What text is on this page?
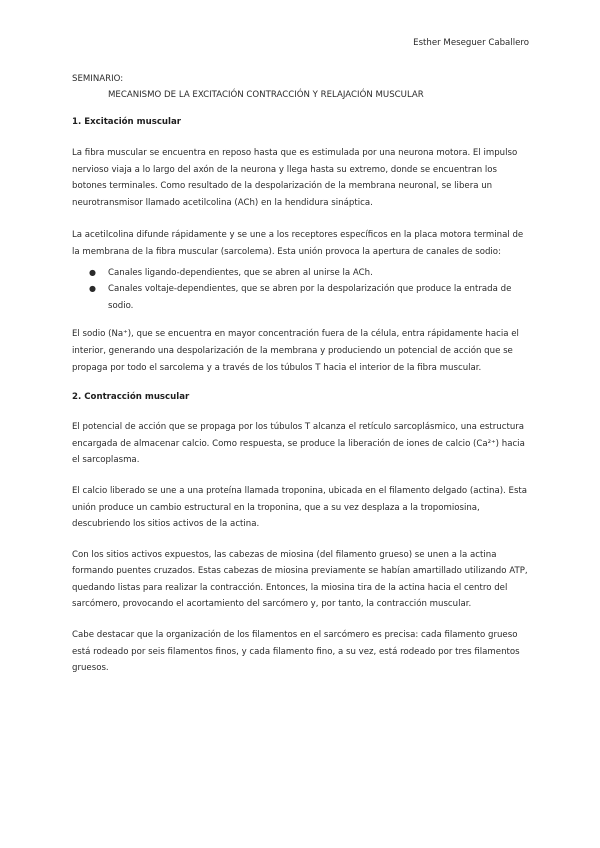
Esther Meseguer Caballero
SEMINARIO:
MECANISMO DE LA EXCITACIÓN CONTRACCIÓN Y RELAJACIÓN MUSCULAR
1. Excitación muscular

La fibra muscular se encuentra en reposo hasta que es estimulada por una neurona motora. El impulso nervioso viaja a lo largo del axón de la neurona y llega hasta su extremo, donde se encuentran los botones terminales. Como resultado de la despolarización de la membrana neuronal, se libera un neurotransmisor llamado acetilcolina (ACh) en la hendidura sináptica.

La acetilcolina difunde rápidamente y se une a los receptores específicos en la placa motora terminal de la membrana de la fibra muscular (sarcolema). Esta unión provoca la apertura de canales de sodio:

● Canales ligando-dependientes, que se abren al unirse la ACh.
● Canales voltaje-dependientes, que se abren por la despolarización que produce la entrada de sodio.

El sodio (Na⁺), que se encuentra en mayor concentración fuera de la célula, entra rápidamente hacia el interior, generando una despolarización de la membrana y produciendo un potencial de acción que se propaga por todo el sarcolema y a través de los túbulos T hacia el interior de la fibra muscular.

2. Contracción muscular

El potencial de acción que se propaga por los túbulos T alcanza el retículo sarcoplásmico, una estructura encargada de almacenar calcio. Como respuesta, se produce la liberación de iones de calcio (Ca²⁺) hacia el sarcoplasma.

El calcio liberado se une a una proteína llamada troponina, ubicada en el filamento delgado (actina). Esta unión produce un cambio estructural en la troponina, que a su vez desplaza a la tropomiosina, descubriendo los sitios activos de la actina.

Con los sitios activos expuestos, las cabezas de miosina (del filamento grueso) se unen a la actina formando puentes cruzados. Estas cabezas de miosina previamente se habían amartillado utilizando ATP, quedando listas para realizar la contracción. Entonces, la miosina tira de la actina hacia el centro del sarcómero, provocando el acortamiento del sarcómero y, por tanto, la contracción muscular.

Cabe destacar que la organización de los filamentos en el sarcómero es precisa: cada filamento grueso está rodeado por seis filamentos finos, y cada filamento fino, a su vez, está rodeado por tres filamentos gruesos.
